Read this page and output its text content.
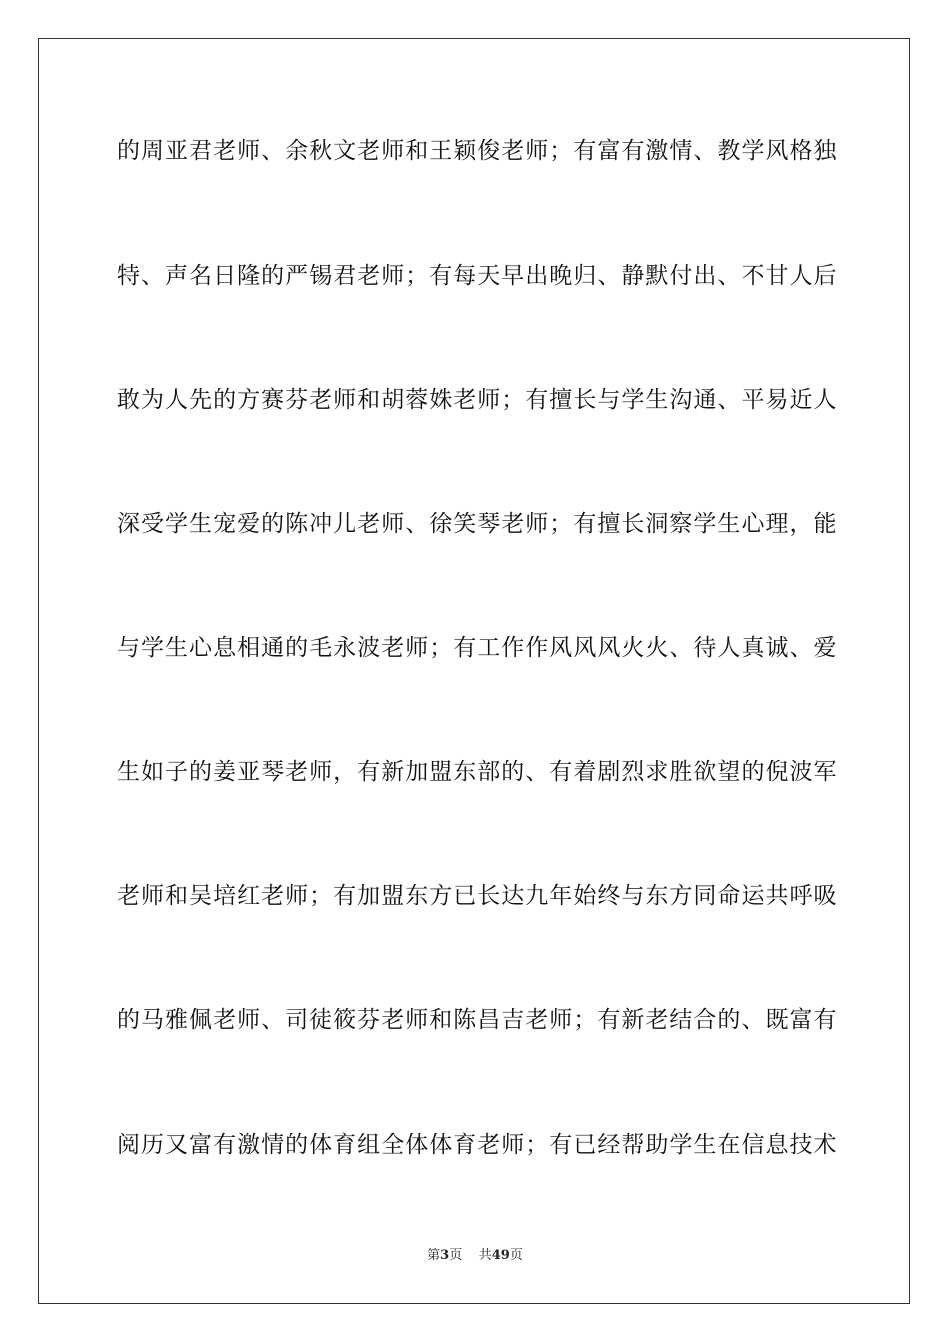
的周亚君老师、余秋文老师和王颖俊老师；有富有激情、教学风格独
特、声名日隆的严锡君老师；有每天早出晚归、静默付出、不甘人后
敢为人先的方赛芬老师和胡蓉姝老师；有擅长与学生沟通、平易近人
深受学生宠爱的陈冲儿老师、徐笑琴老师；有擅长洞察学生心理，能
与学生心息相通的毛永波老师；有工作作风风风火火、待人真诚、爱
生如子的姜亚琴老师，有新加盟东部的、有着剧烈求胜欲望的倪波军
老师和吴培红老师；有加盟东方已长达九年始终与东方同命运共呼吸
的马雅佩老师、司徒筱芬老师和陈昌吉老师；有新老结合的、既富有
阅历又富有激情的体育组全体体育老师；有已经帮助学生在信息技术
第3页 共49页
